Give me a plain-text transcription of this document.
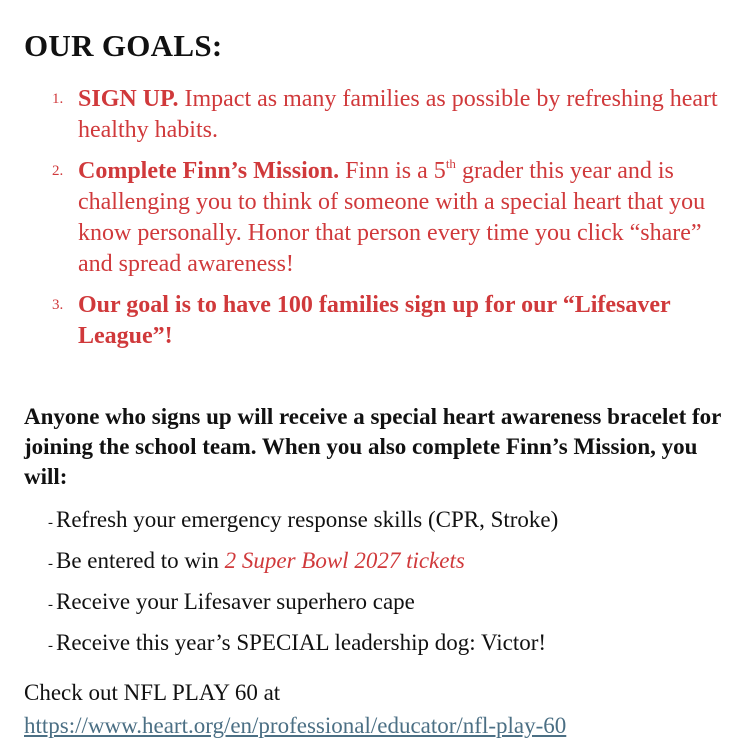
OUR GOALS:
1. SIGN UP. Impact as many families as possible by refreshing heart healthy habits.
2. Complete Finn’s Mission. Finn is a 5th grader this year and is challenging you to think of someone with a special heart that you know personally. Honor that person every time you click “share” and spread awareness!
3. Our goal is to have 100 families sign up for our “Lifesaver League”!

Anyone who signs up will receive a special heart awareness bracelet for joining the school team. When you also complete Finn’s Mission, you will:

- Refresh your emergency response skills (CPR, Stroke)
- Be entered to win 2 Super Bowl 2027 tickets
- Receive your Lifesaver superhero cape
- Receive this year’s SPECIAL leadership dog: Victor!
Check out NFL PLAY 60 at
https://www.heart.org/en/professional/educator/nfl-play-60
